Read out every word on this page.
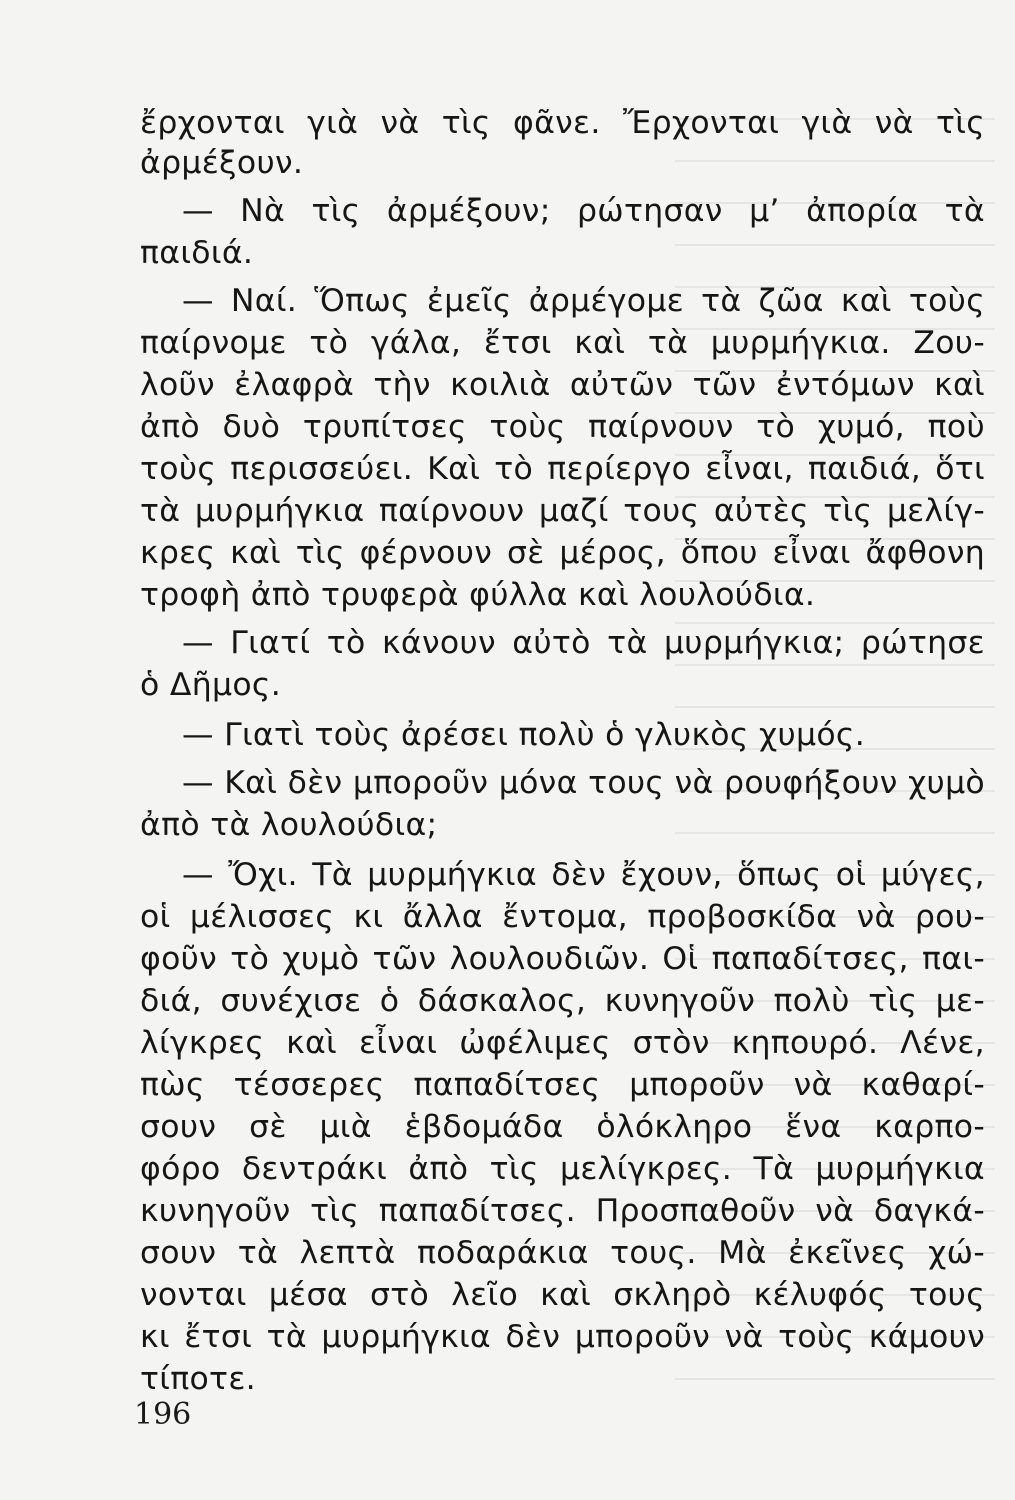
ἔρχονται γιὰ νὰ τὶς φᾶνε. Ἔρχονται γιὰ νὰ τὶς
ἀρμέξουν.
— Νὰ τὶς ἀρμέξουν; ρώτησαν μ’ ἀπορία τὰ
παιδιά.
— Ναί. Ὅπως ἐμεῖς ἀρμέγομε τὰ ζῶα καὶ τοὺς
παίρνομε τὸ γάλα, ἔτσι καὶ τὰ μυρμήγκια. Ζου-
λοῦν ἐλαφρὰ τὴν κοιλιὰ αὐτῶν τῶν ἐντόμων καὶ
ἀπὸ δυὸ τρυπίτσες τοὺς παίρνουν τὸ χυμό, ποὺ
τοὺς περισσεύει. Καὶ τὸ περίεργο εἶναι, παιδιά, ὅτι
τὰ μυρμήγκια παίρνουν μαζί τους αὐτὲς τὶς μελίγ-
κρες καὶ τὶς φέρνουν σὲ μέρος, ὅπου εἶναι ἄφθονη
τροφὴ ἀπὸ τρυφερὰ φύλλα καὶ λουλούδια.
— Γιατί τὸ κάνουν αὐτὸ τὰ μυρμήγκια; ρώτησε
ὁ Δῆμος.
— Γιατὶ τοὺς ἀρέσει πολὺ ὁ γλυκὸς χυμός.
— Καὶ δὲν μποροῦν μόνα τους νὰ ρουφήξουν χυμὸ
ἀπὸ τὰ λουλούδια;
— Ὄχι. Τὰ μυρμήγκια δὲν ἔχουν, ὅπως οἱ μύγες,
οἱ μέλισσες κι ἄλλα ἔντομα, προβοσκίδα νὰ ρου-
φοῦν τὸ χυμὸ τῶν λουλουδιῶν. Οἱ παπαδίτσες, παι-
διά, συνέχισε ὁ δάσκαλος, κυνηγοῦν πολὺ τὶς με-
λίγκρες καὶ εἶναι ὠφέλιμες στὸν κηπουρό. Λένε,
πὼς τέσσερες παπαδίτσες μποροῦν νὰ καθαρί-
σουν σὲ μιὰ ἑβδομάδα ὁλόκληρο ἕνα καρπο-
φόρο δεντράκι ἀπὸ τὶς μελίγκρες. Τὰ μυρμήγκια
κυνηγοῦν τὶς παπαδίτσες. Προσπαθοῦν νὰ δαγκά-
σουν τὰ λεπτὰ ποδαράκια τους. Μὰ ἐκεῖνες χώ-
νονται μέσα στὸ λεῖο καὶ σκληρὸ κέλυφός τους
κι ἔτσι τὰ μυρμήγκια δὲν μποροῦν νὰ τοὺς κάμουν
τίποτε.
196
